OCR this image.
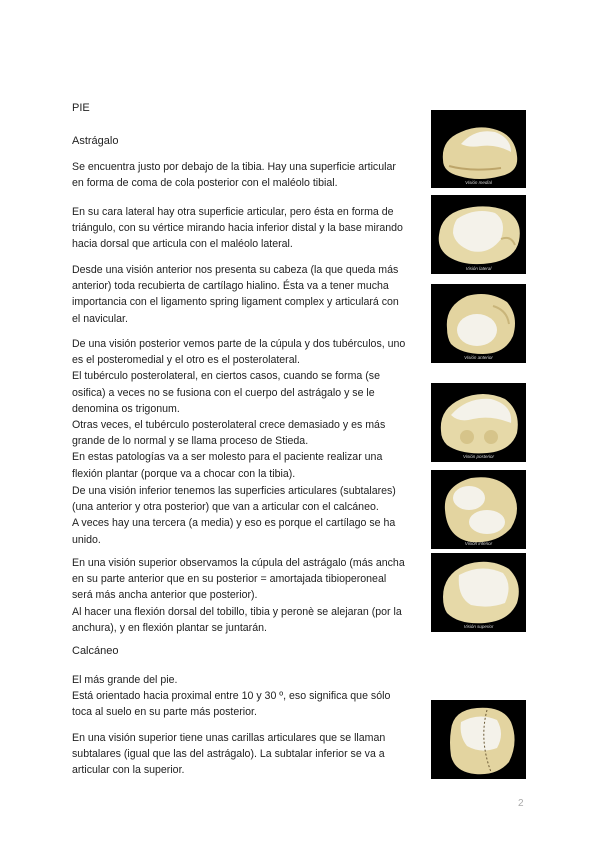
PIE

Astrágalo

Se encuentra justo por debajo de la tibia. Hay una superficie articular
en forma de coma de cola posterior con el maléolo tibial.

En su cara lateral hay otra superficie articular, pero ésta en forma de
triángulo, con su vértice mirando hacia inferior distal y la base mirando
hacia dorsal que articula con el maléolo lateral.

Desde una visión anterior nos presenta su cabeza (la que queda más
anterior) toda recubierta de cartílago hialino. Ésta va a tener mucha
importancia con el ligamento spring ligament complex y articulará con
el navicular.

De una visión posterior vemos parte de la cúpula y dos tubérculos, uno
es el posteromedial y el otro es el posterolateral.
El tubérculo posterolateral, en ciertos casos, cuando se forma (se
osifica) a veces no se fusiona con el cuerpo del astrágalo y se le
denomina os trigonum.
Otras veces, el tubérculo posterolateral crece demasiado y es más
grande de lo normal y se llama proceso de Stieda.
En estas patologías va a ser molesto para el paciente realizar una
flexión plantar (porque va a chocar con la tibia).

De una visión inferior tenemos las superficies articulares (subtalares)
(una anterior y otra posterior) que van a articular con el calcáneo.
A veces hay una tercera (a media) y eso es porque el cartílago se ha
unido.

En una visión superior observamos la cúpula del astrágalo (más ancha
en su parte anterior que en su posterior = amortajada tibioperoneal
será más ancha anterior que posterior).
Al hacer una flexión dorsal del tobillo, tibia y peronè se alejaran (por la
anchura), y en flexión plantar se juntarán.

Calcáneo

El más grande del pie.
Está orientado hacia proximal entre 10 y 30 º, eso significa que sólo
toca al suelo en su parte más posterior.

En una visión superior tiene unas carillas articulares que se llaman
subtalares (igual que las del astrágalo). La subtalar inferior se va a
articular con la superior.

Visión medial
Visión lateral
Visión anterior
Visión posterior
Visión inferior
Visión superior
2
